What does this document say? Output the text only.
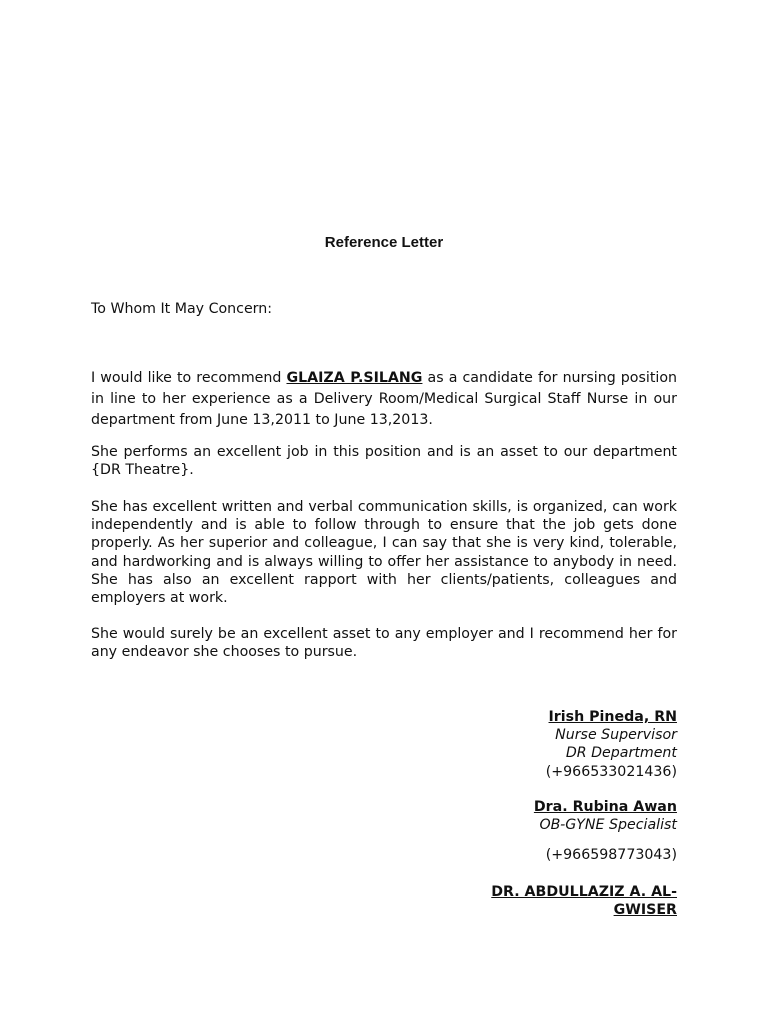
Reference Letter
To Whom It May Concern:
I would like to recommend GLAIZA P.SILANG as a candidate for nursing position in line to her experience as a Delivery Room/Medical Surgical Staff Nurse in our department from June 13,2011 to June 13,2013.
She performs an excellent job in this position and is an asset to our department {DR Theatre}.
She has excellent written and verbal communication skills, is organized, can work independently and is able to follow through to ensure that the job gets done properly. As her superior and colleague, I can say that she is very kind, tolerable, and hardworking and is always willing to offer her assistance to anybody in need. She has also an excellent rapport with her clients/patients, colleagues and employers at work.
She would surely be an excellent asset to any employer and I recommend her for any endeavor she chooses to pursue.
Irish Pineda, RN
Nurse Supervisor
DR Department
(+966533021436)
Dra. Rubina Awan
OB-GYNE Specialist
(+966598773043)
DR. ABDULLAZIZ A. AL-GWISER
